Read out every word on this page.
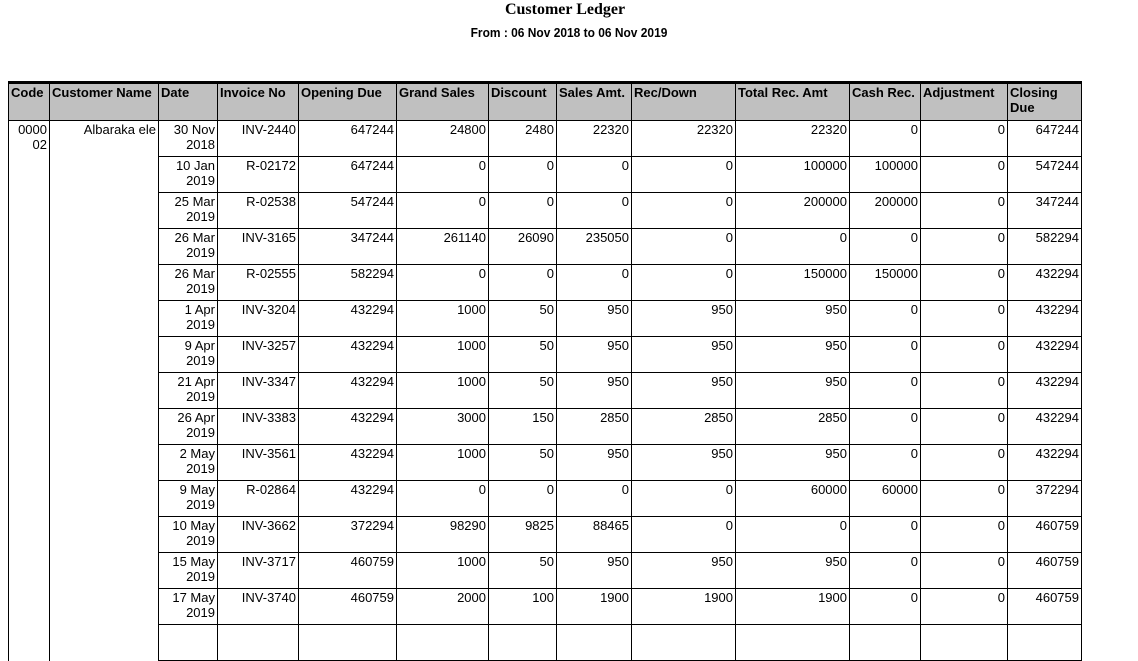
Customer Ledger
From : 06 Nov 2018 to 06 Nov 2019
Code	Customer Name	Date	Invoice No	Opening Due	Grand Sales	Discount	Sales Amt.	Rec/Down	Total Rec. Amt	Cash Rec.	Adjustment	Closing Due
000002	Albaraka ele	30 Nov 2018	INV-2440	647244	24800	2480	22320	22320	22320	0	0	647244
		10 Jan 2019	R-02172	647244	0	0	0	0	100000	100000	0	547244
		25 Mar 2019	R-02538	547244	0	0	0	0	200000	200000	0	347244
		26 Mar 2019	INV-3165	347244	261140	26090	235050	0	0	0	0	582294
		26 Mar 2019	R-02555	582294	0	0	0	0	150000	150000	0	432294
		1 Apr 2019	INV-3204	432294	1000	50	950	950	950	0	0	432294
		9 Apr 2019	INV-3257	432294	1000	50	950	950	950	0	0	432294
		21 Apr 2019	INV-3347	432294	1000	50	950	950	950	0	0	432294
		26 Apr 2019	INV-3383	432294	3000	150	2850	2850	2850	0	0	432294
		2 May 2019	INV-3561	432294	1000	50	950	950	950	0	0	432294
		9 May 2019	R-02864	432294	0	0	0	0	60000	60000	0	372294
		10 May 2019	INV-3662	372294	98290	9825	88465	0	0	0	0	460759
		15 May 2019	INV-3717	460759	1000	50	950	950	950	0	0	460759
		17 May 2019	INV-3740	460759	2000	100	1900	1900	1900	0	0	460759
